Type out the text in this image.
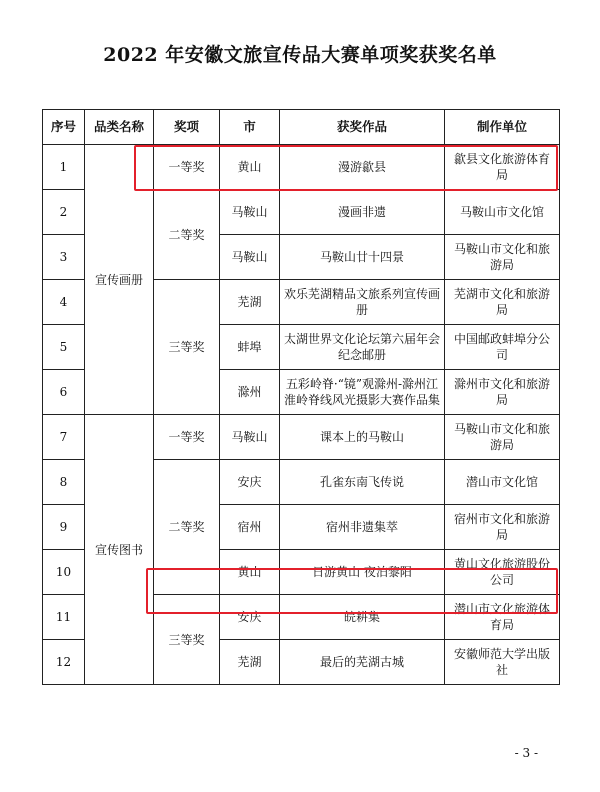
2022 年安徽文旅宣传品大赛单项奖获奖名单
序号	品类名称	奖项	市	获奖作品	制作单位
1	宣传画册	一等奖	黄山	漫游歙县	歙县文化旅游体育局
2		二等奖	马鞍山	漫画非遗	马鞍山市文化馆
3			马鞍山	马鞍山廿十四景	马鞍山市文化和旅游局
4		三等奖	芜湖	欢乐芜湖精品文旅系列宣传画册	芜湖市文化和旅游局
5			蚌埠	太湖世界文化论坛第六届年会纪念邮册	中国邮政蚌埠分公司
6			滁州	五彩岭脊·“镜”观滁州-滁州江淮岭脊线风光摄影大赛作品集	滁州市文化和旅游局
7	宣传图书	一等奖	马鞍山	课本上的马鞍山	马鞍山市文化和旅游局
8		二等奖	安庆	孔雀东南飞传说	潜山市文化馆
9			宿州	宿州非遗集萃	宿州市文化和旅游局
10			黄山	日游黄山 夜泊黎阳	黄山文化旅游股份公司
11		三等奖	安庆	皖耕集	潜山市文化旅游体育局
12			芜湖	最后的芜湖古城	安徽师范大学出版社
- 3 -
